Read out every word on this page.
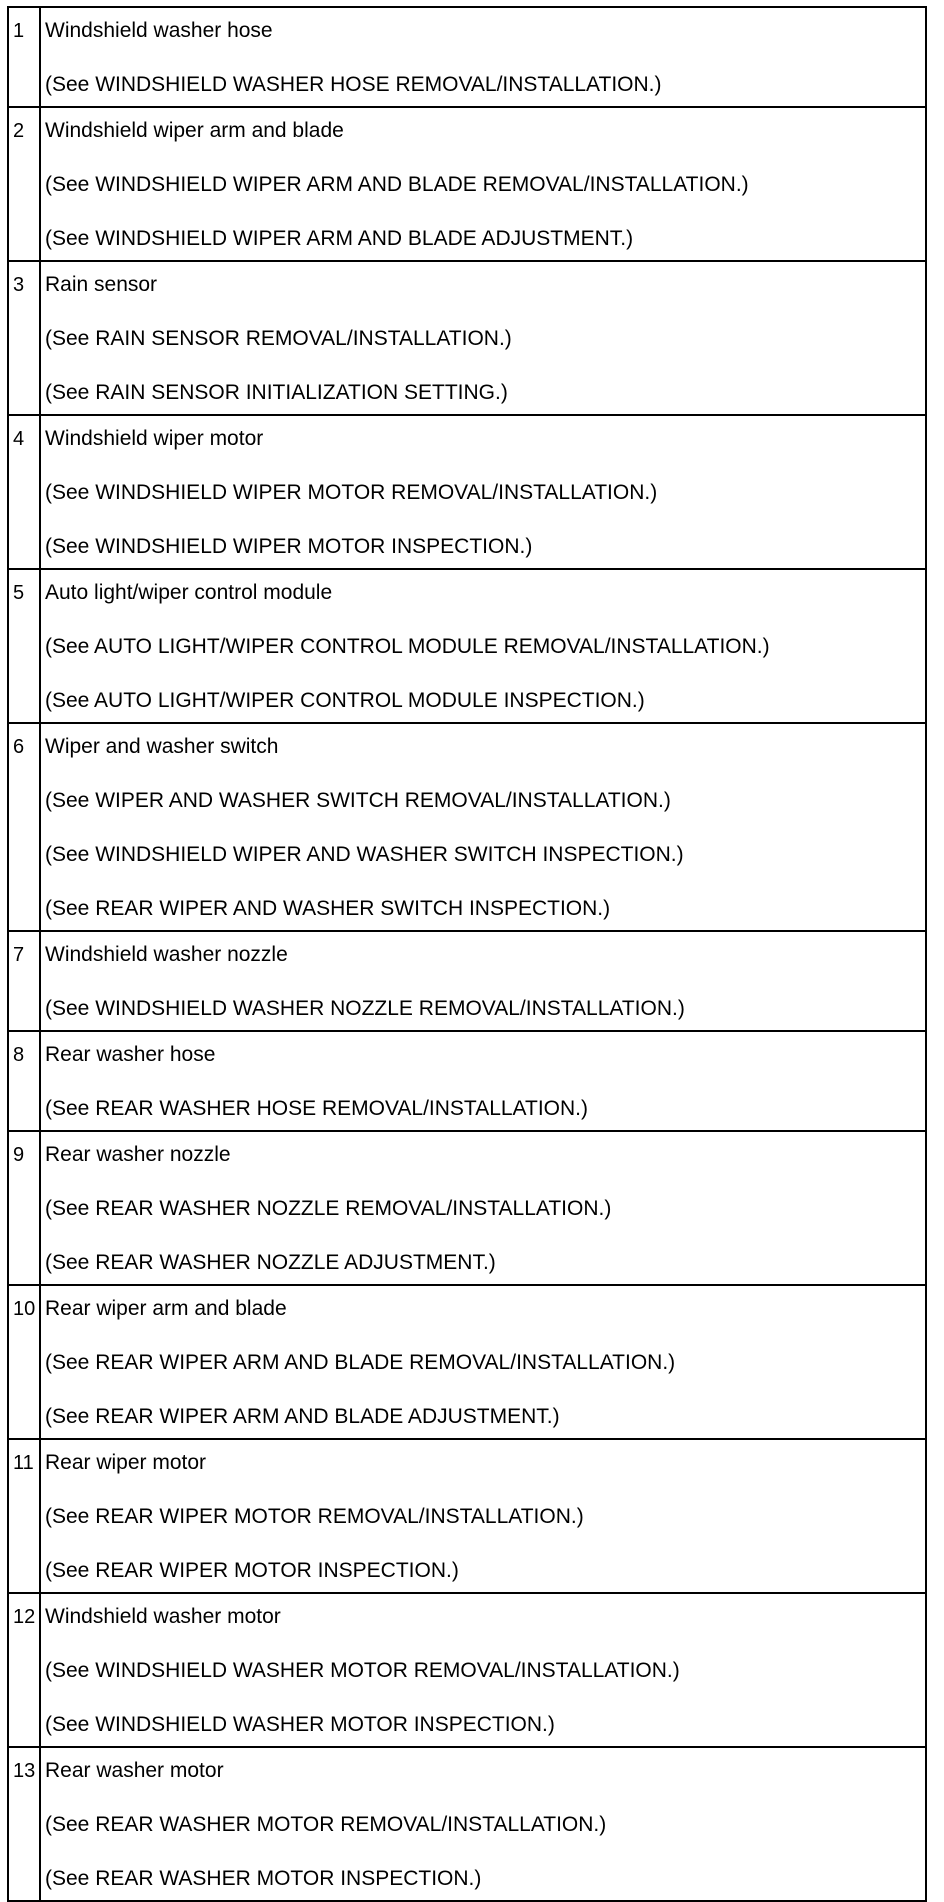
1	Windshield washer hose
(See WINDSHIELD WASHER HOSE REMOVAL/INSTALLATION.)

2	Windshield wiper arm and blade
(See WINDSHIELD WIPER ARM AND BLADE REMOVAL/INSTALLATION.)
(See WINDSHIELD WIPER ARM AND BLADE ADJUSTMENT.)

3	Rain sensor
(See RAIN SENSOR REMOVAL/INSTALLATION.)
(See RAIN SENSOR INITIALIZATION SETTING.)

4	Windshield wiper motor
(See WINDSHIELD WIPER MOTOR REMOVAL/INSTALLATION.)
(See WINDSHIELD WIPER MOTOR INSPECTION.)

5	Auto light/wiper control module
(See AUTO LIGHT/WIPER CONTROL MODULE REMOVAL/INSTALLATION.)
(See AUTO LIGHT/WIPER CONTROL MODULE INSPECTION.)

6	Wiper and washer switch
(See WIPER AND WASHER SWITCH REMOVAL/INSTALLATION.)
(See WINDSHIELD WIPER AND WASHER SWITCH INSPECTION.)
(See REAR WIPER AND WASHER SWITCH INSPECTION.)

7	Windshield washer nozzle
(See WINDSHIELD WASHER NOZZLE REMOVAL/INSTALLATION.)

8	Rear washer hose
(See REAR WASHER HOSE REMOVAL/INSTALLATION.)

9	Rear washer nozzle
(See REAR WASHER NOZZLE REMOVAL/INSTALLATION.)
(See REAR WASHER NOZZLE ADJUSTMENT.)

10	Rear wiper arm and blade
(See REAR WIPER ARM AND BLADE REMOVAL/INSTALLATION.)
(See REAR WIPER ARM AND BLADE ADJUSTMENT.)

11	Rear wiper motor
(See REAR WIPER MOTOR REMOVAL/INSTALLATION.)
(See REAR WIPER MOTOR INSPECTION.)

12	Windshield washer motor
(See WINDSHIELD WASHER MOTOR REMOVAL/INSTALLATION.)
(See WINDSHIELD WASHER MOTOR INSPECTION.)

13	Rear washer motor
(See REAR WASHER MOTOR REMOVAL/INSTALLATION.)
(See REAR WASHER MOTOR INSPECTION.)
